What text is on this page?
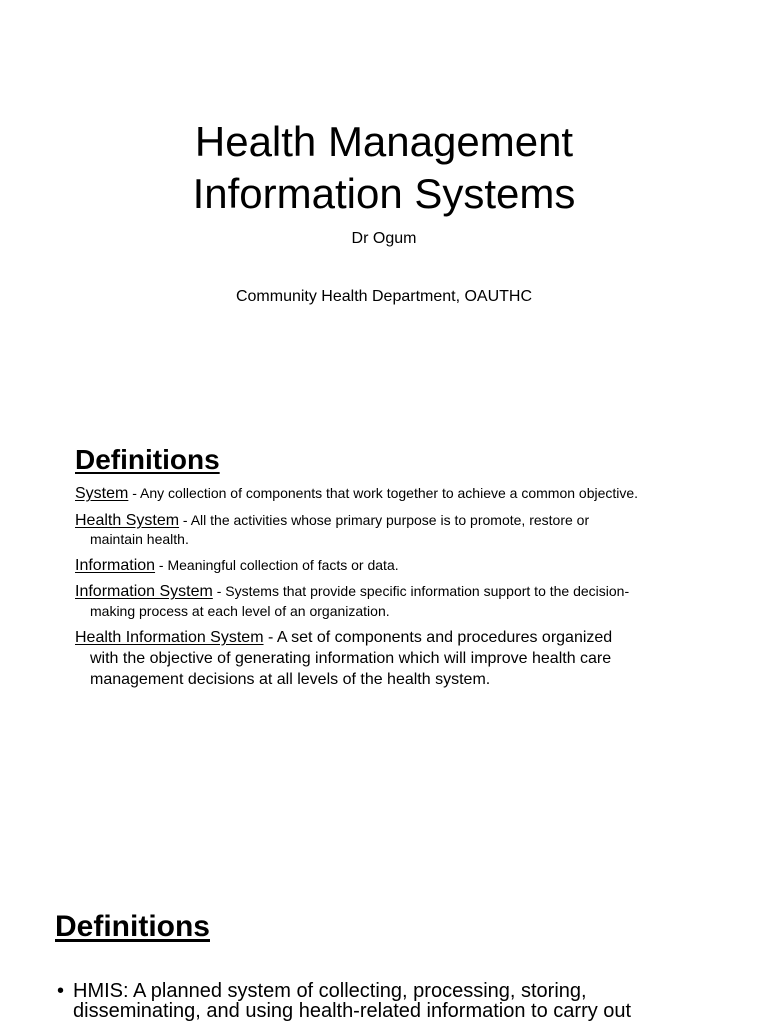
Health Management
Information Systems
Dr Ogum
Community Health Department, OAUTHC
Definitions
System - Any collection of components that work together to achieve a common objective.
Health System - All the activities whose primary purpose is to promote, restore or maintain health.
Information - Meaningful collection of facts or data.
Information System - Systems that provide specific information support to the decision-making process at each level of an organization.
Health Information System - A set of components and procedures organized with the objective of generating information which will improve health care management decisions at all levels of the health system.
Definitions
• HMIS: A planned system of collecting, processing, storing, disseminating, and using health-related information to carry out
